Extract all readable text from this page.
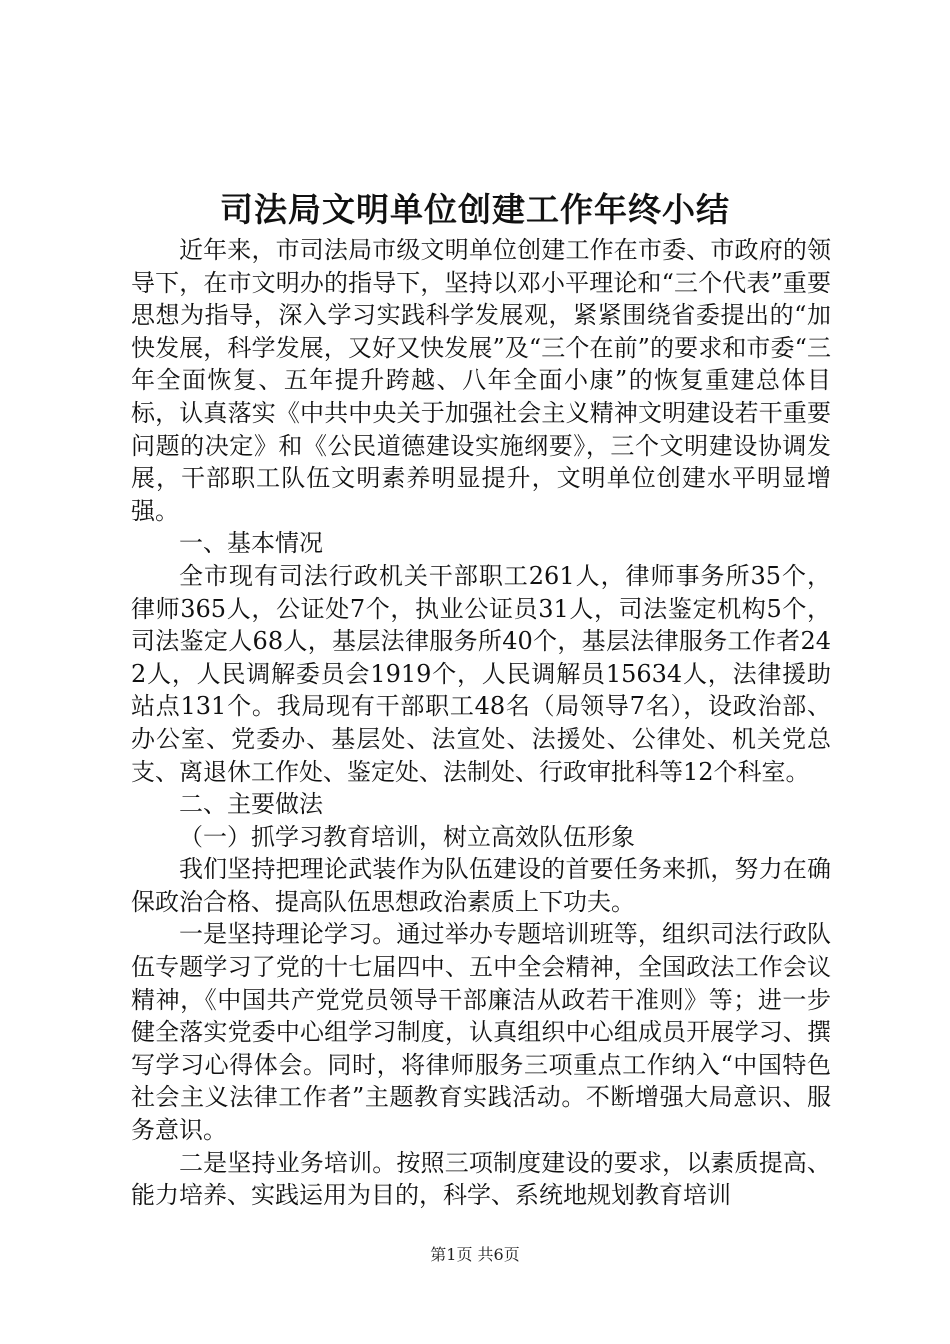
司法局文明单位创建工作年终小结

近年来，市司法局市级文明单位创建工作在市委、市政府的领导下，在市文明办的指导下，坚持以邓小平理论和“三个代表”重要思想为指导，深入学习实践科学发展观，紧紧围绕省委提出的“加快发展，科学发展，又好又快发展”及“三个在前”的要求和市委“三年全面恢复、五年提升跨越、八年全面小康”的恢复重建总体目标，认真落实《中共中央关于加强社会主义精神文明建设若干重要问题的决定》和《公民道德建设实施纲要》，三个文明建设协调发展，干部职工队伍文明素养明显提升，文明单位创建水平明显增强。

一、基本情况

全市现有司法行政机关干部职工261人，律师事务所35个，律师365人，公证处7个，执业公证员31人，司法鉴定机构5个，司法鉴定人68人，基层法律服务所40个，基层法律服务工作者242人，人民调解委员会1919个，人民调解员15634人，法律援助站点131个。我局现有干部职工48名（局领导7名），设政治部、办公室、党委办、基层处、法宣处、法援处、公律处、机关党总支、离退休工作处、鉴定处、法制处、行政审批科等12个科室。

二、主要做法

（一）抓学习教育培训，树立高效队伍形象

我们坚持把理论武装作为队伍建设的首要任务来抓，努力在确保政治合格、提高队伍思想政治素质上下功夫。

一是坚持理论学习。通过举办专题培训班等，组织司法行政队伍专题学习了党的十七届四中、五中全会精神，全国政法工作会议精神，《中国共产党党员领导干部廉洁从政若干准则》等；进一步健全落实党委中心组学习制度，认真组织中心组成员开展学习、撰写学习心得体会。同时，将律师服务三项重点工作纳入“中国特色社会主义法律工作者”主题教育实践活动。不断增强大局意识、服务意识。

二是坚持业务培训。按照三项制度建设的要求，以素质提高、能力培养、实践运用为目的，科学、系统地规划教育培训

第1页 共6页
